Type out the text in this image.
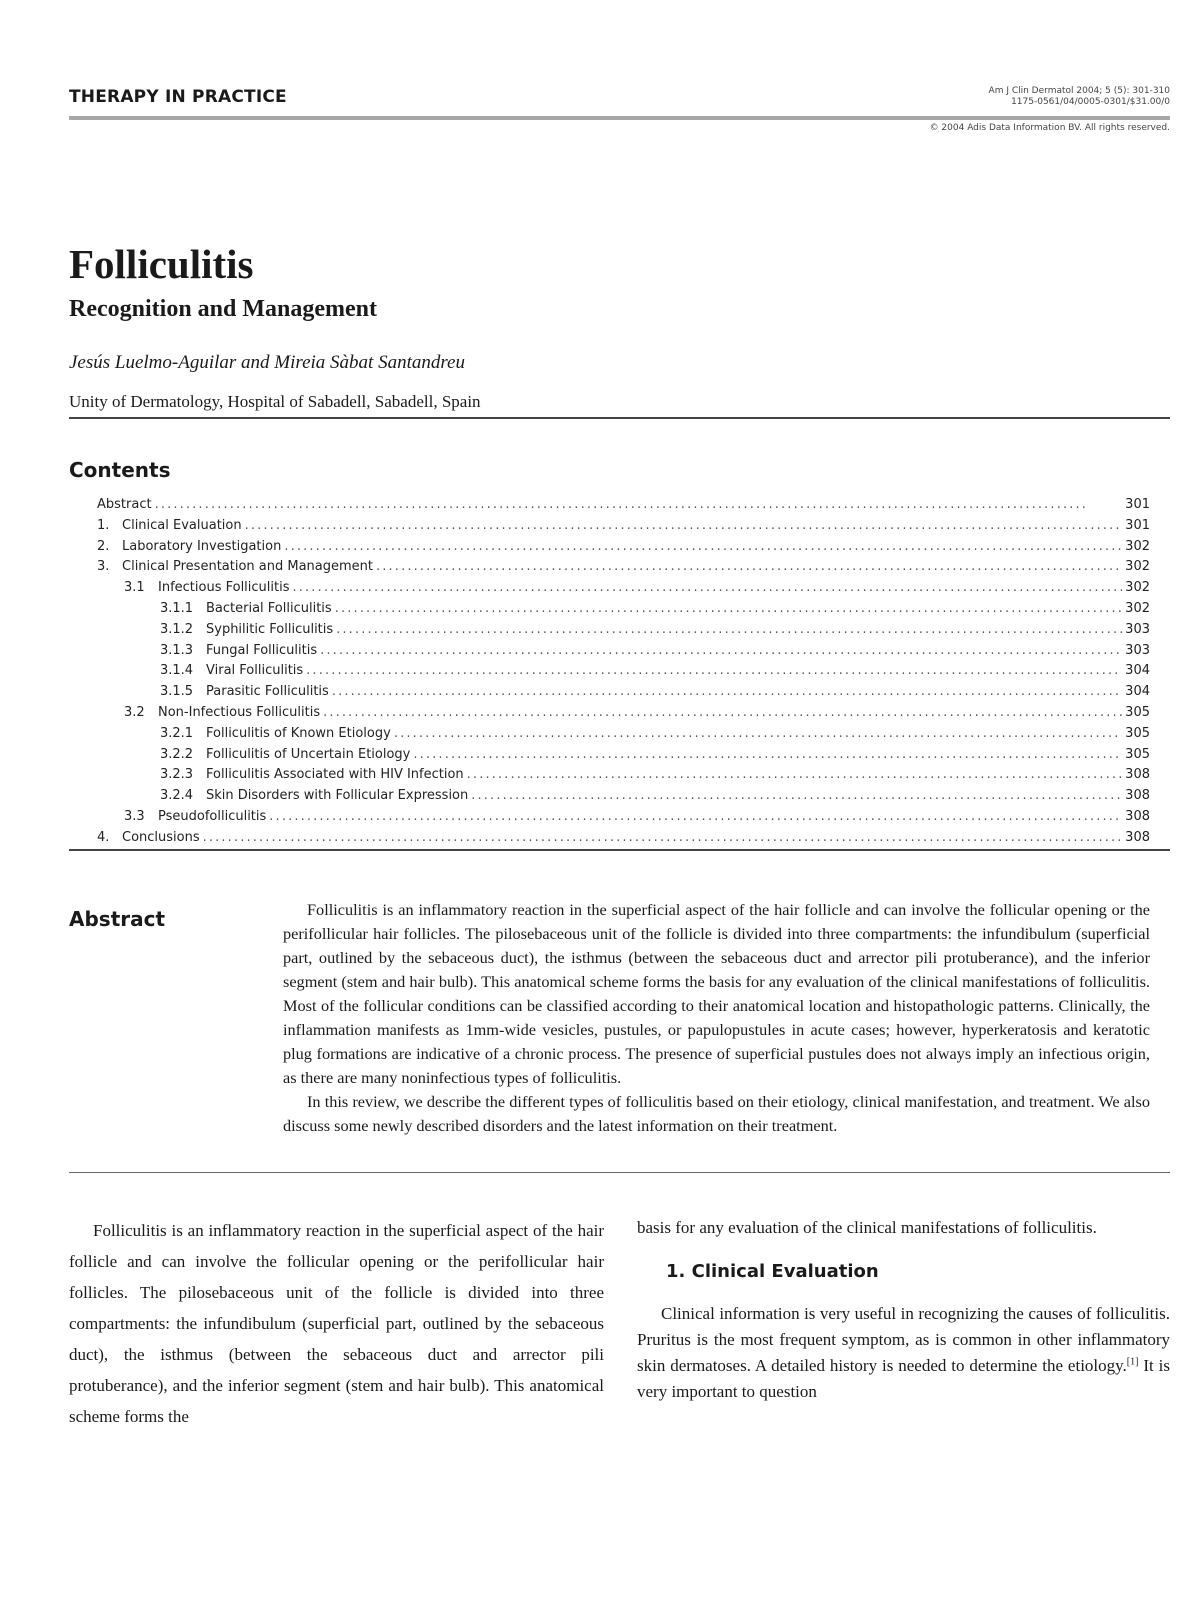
THERAPY IN PRACTICE	Am J Clin Dermatol 2004; 5 (5): 301-310
1175-0561/04/0005-0301/$31.00/0
© 2004 Adis Data Information BV. All rights reserved.
Folliculitis
Recognition and Management
Jesús Luelmo-Aguilar and Mireia Sàbat Santandreu
Unity of Dermatology, Hospital of Sabadell, Sabadell, Spain
Contents
Abstract . . .	301
1. Clinical Evaluation . . .	301
2. Laboratory Investigation . . .	302
3. Clinical Presentation and Management . . .	302
3.1	Infectious Folliculitis . . .	302
3.1.1 Bacterial Folliculitis . . .	302
3.1.2 Syphilitic Folliculitis . . .	303
3.1.3 Fungal Folliculitis . . .	303
3.1.4 Viral Folliculitis . . .	304
3.1.5 Parasitic Folliculitis . . .	304
3.2	Non-Infectious Folliculitis . . .	305
3.2.1 Folliculitis of Known Etiology . . .	305
3.2.2 Folliculitis of Uncertain Etiology . . .	305
3.2.3 Folliculitis Associated with HIV Infection . . .	308
3.2.4 Skin Disorders with Follicular Expression . . .	308
3.3	Pseudofolliculitis . . .	308
4. Conclusions . . .	308
Abstract	Folliculitis is an inflammatory reaction in the superficial aspect of the hair follicle and can involve the follicular opening or the perifollicular hair follicles. The pilosebaceous unit of the follicle is divided into three compartments: the infundibulum (superficial part, outlined by the sebaceous duct), the isthmus (between the sebaceous duct and arrector pili protuberance), and the inferior segment (stem and hair bulb). This anatomical scheme forms the basis for any evaluation of the clinical manifestations of folliculitis. Most of the follicular conditions can be classified according to their anatomical location and histopathologic patterns. Clinically, the inflammation manifests as 1mm-wide vesicles, pustules, or papulopustules in acute cases; however, hyperkeratosis and keratotic plug formations are indicative of a chronic process. The presence of superficial pustules does not always imply an infectious origin, as there are many noninfectious types of folliculitis.

In this review, we describe the different types of folliculitis based on their etiology, clinical manifestation, and treatment. We also discuss some newly described disorders and the latest information on their treatment.

Folliculitis is an inflammatory reaction in the superficial aspect of the hair follicle and can involve the follicular opening or the perifollicular hair follicles. The pilosebaceous unit of the follicle is divided into three compartments: the infundibulum (superficial part, outlined by the sebaceous duct), the isthmus (between the sebaceous duct and arrector pili protuberance), and the inferior segment (stem and hair bulb). This anatomical scheme forms the

basis for any evaluation of the clinical manifestations of folliculitis.

1. Clinical Evaluation

Clinical information is very useful in recognizing the causes of folliculitis. Pruritus is the most frequent symptom, as is common in other inflammatory skin dermatoses. A detailed history is needed to determine the etiology.[1] It is very important to question
